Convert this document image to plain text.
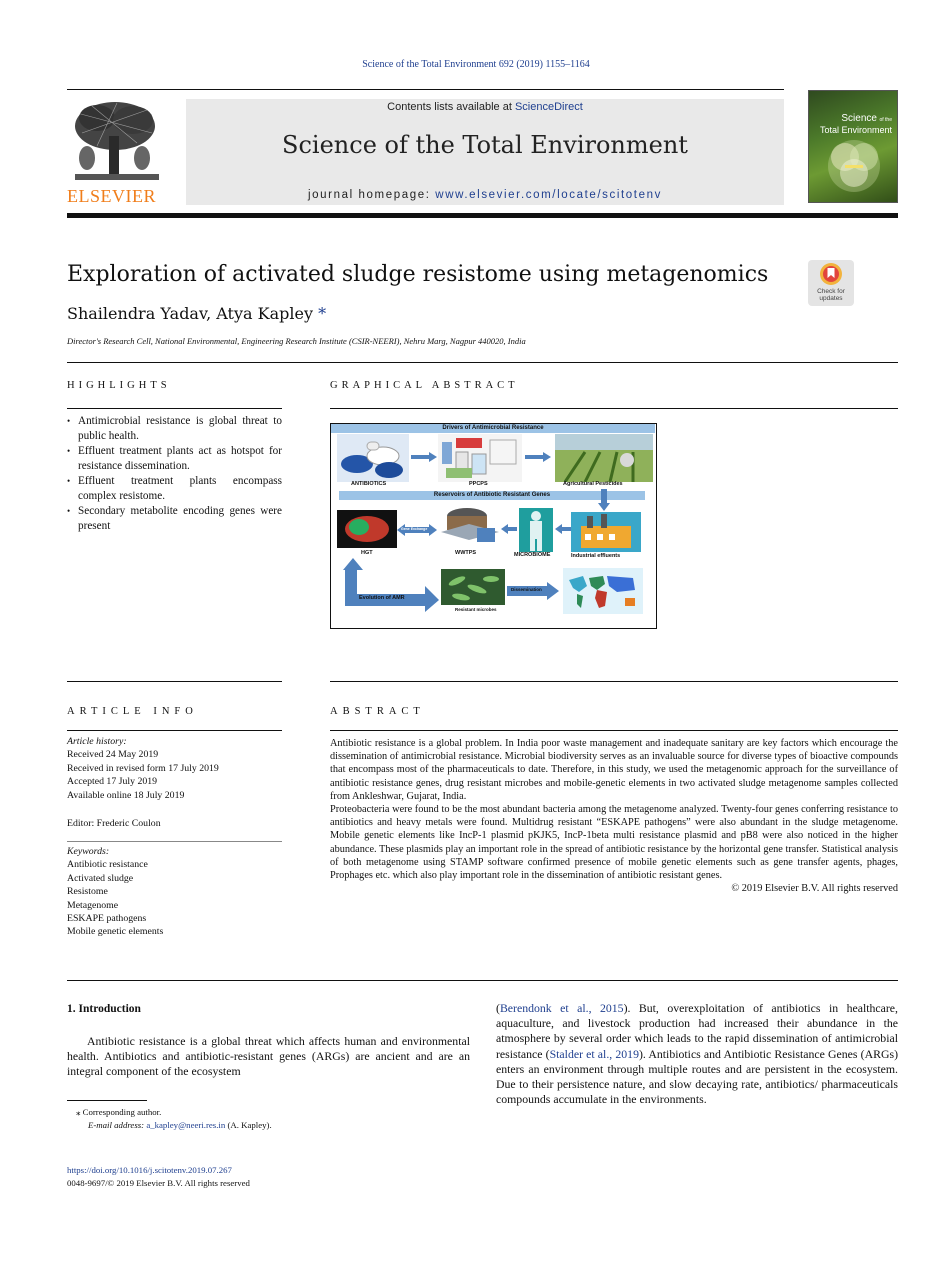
Science of the Total Environment 692 (2019) 1155–1164
ELSEVIER
Contents lists available at ScienceDirect
Science of the Total Environment
journal homepage: www.elsevier.com/locate/scitotenv
Science of the
Total Environment
Exploration of activated sludge resistome using metagenomics
Check for
updates
Shailendra Yadav, Atya Kapley *
Director's Research Cell, National Environmental, Engineering Research Institute (CSIR-NEERI), Nehru Marg, Nagpur 440020, India
HIGHLIGHTS
• Antimicrobial resistance is global threat to public health.
• Effluent treatment plants act as hotspot for resistance dissemination.
• Effluent treatment plants encompass complex resistome.
• Secondary metabolite encoding genes were present
GRAPHICAL ABSTRACT
Drivers of Antimicrobial Resistance
ANTIBIOTICS	PPCPS	Agricultural Pesticides
Reservoirs of Antibiotic Resistant Genes
HGT
Gene Exchange
WWTPS	MICROBIOME	Industrial effluents
Evolution of AMR
Resistant microbes
Dissemination
ARTICLE INFO
Article history:
Received 24 May 2019
Received in revised form 17 July 2019
Accepted 17 July 2019
Available online 18 July 2019
Editor: Frederic Coulon
Keywords:
Antibiotic resistance
Activated sludge
Resistome
Metagenome
ESKAPE pathogens
Mobile genetic elements
ABSTRACT

Antibiotic resistance is a global problem. In India poor waste management and inadequate sanitary are key factors which encourage the dissemination of antimicrobial resistance. Microbial biodiversity serves as an invaluable source for diverse types of bioactive compounds that encompass most of the pharmaceuticals to date. Therefore, in this study, we used the metagenomic approach for the surveillance of antibiotic resistance genes, drug resistant microbes and mobile-genetic elements in two activated sludge metagenome samples collected from Ankleshwar, Gujarat, India.

Proteobacteria were found to be the most abundant bacteria among the metagenome analyzed. Twenty-four genes conferring resistance to antibiotics and heavy metals were found. Multidrug resistant “ESKAPE pathogens” were also abundant in the sludge metagenome. Mobile genetic elements like IncP-1 plasmid pKJK5, IncP-1beta multi resistance plasmid and pB8 were also noticed in the higher abundance. These plasmids play an important role in the spread of antibiotic resistance by the horizontal gene transfer. Statistical analysis of both metagenome using STAMP software confirmed presence of mobile genetic elements such as gene transfer agents, phages, Prophages etc. which also play important role in the dissemination of antibiotic resistant genes.

© 2019 Elsevier B.V. All rights reserved

1. Introduction
Antibiotic resistance is a global threat which affects human and environmental health. Antibiotics and antibiotic-resistant genes (ARGs) are ancient and are an integral component of the ecosystem
(Berendonk et al., 2015). But, overexploitation of antibiotics in healthcare, aquaculture, and livestock production had increased their abundance in the atmosphere by several order which leads to the rapid dissemination of antimicrobial resistance (Stalder et al., 2019). Antibiotics and Antibiotic Resistance Genes (ARGs) enters an environment through multiple routes and are persistent in the ecosystem. Due to their persistence nature, and slow decaying rate, antibiotics/ pharmaceuticals compounds accumulate in the environments.
⁎ Corresponding author.
E-mail address: a_kapley@neeri.res.in (A. Kapley).
https://doi.org/10.1016/j.scitotenv.2019.07.267
0048-9697/© 2019 Elsevier B.V. All rights reserved
